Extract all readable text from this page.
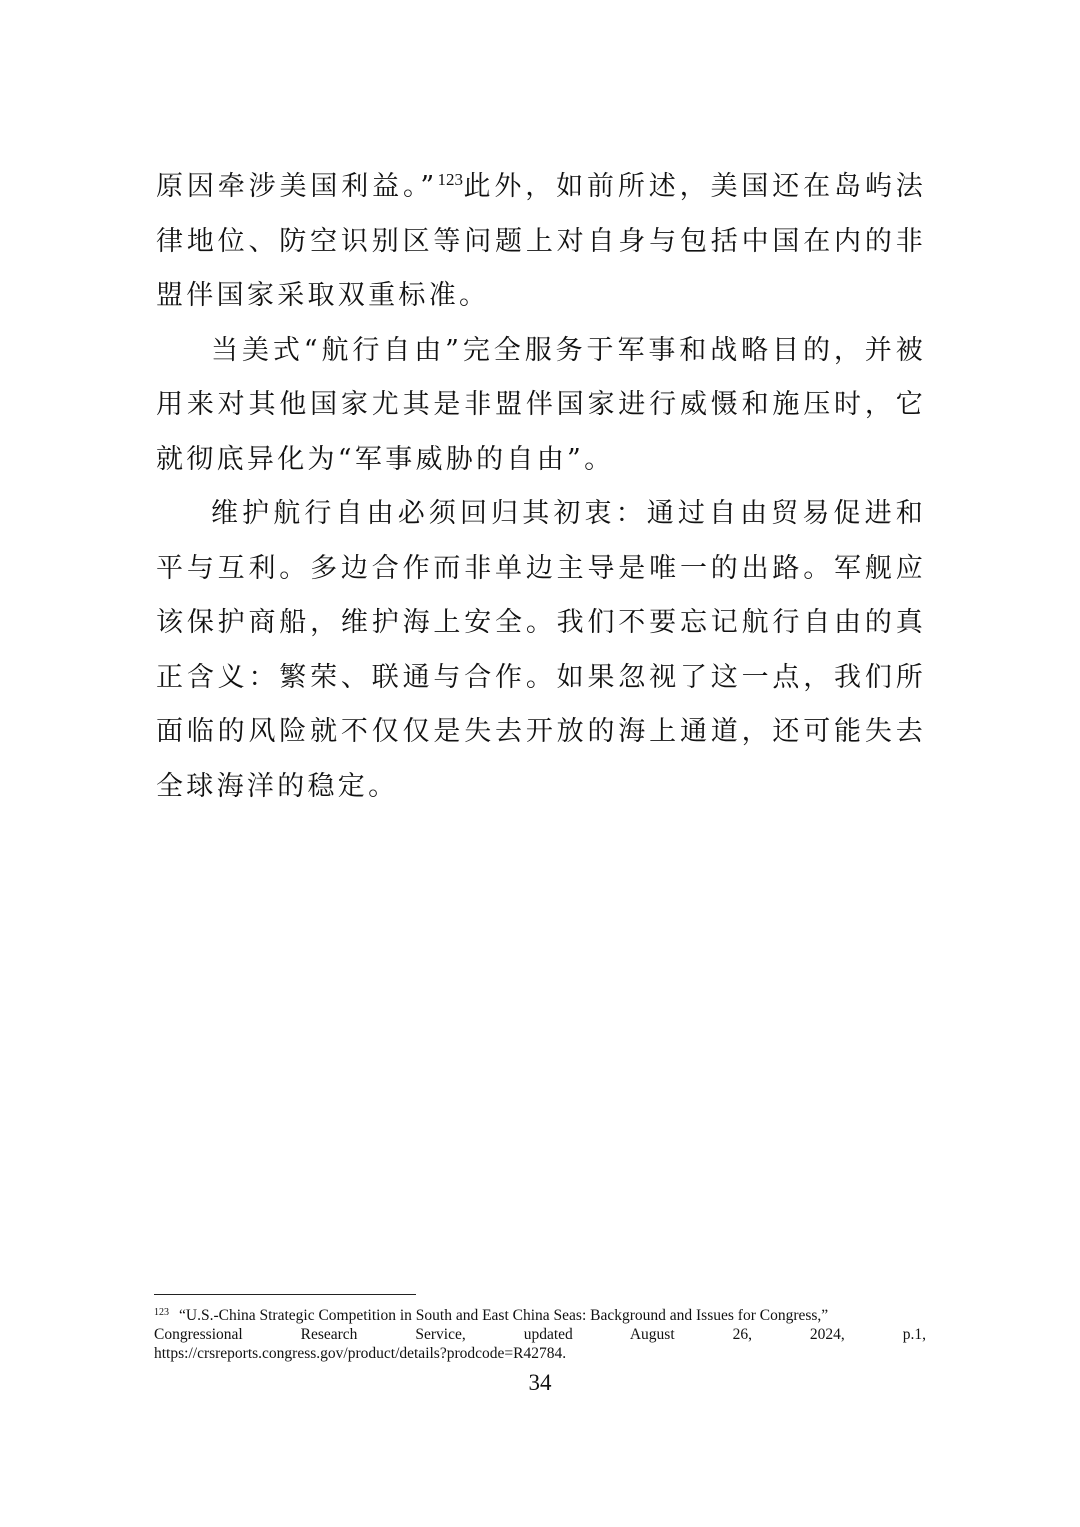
原因牵涉美国利益。”$^{123}$此外，如前所述，美国还在岛屿法律地位、防空识别区等问题上对自身与包括中国在内的非盟伴国家采取双重标准。

当美式“航行自由”完全服务于军事和战略目的，并被用来对其他国家尤其是非盟伴国家进行威慑和施压时，它就彻底异化为“军事威胁的自由”。

维护航行自由必须回归其初衷：通过自由贸易促进和平与互利。多边合作而非单边主导是唯一的出路。军舰应该保护商船，维护海上安全。我们不要忘记航行自由的真正含义：繁荣、联通与合作。如果忽视了这一点，我们所面临的风险就不仅仅是失去开放的海上通道，还可能失去全球海洋的稳定。

$^{123}$ “U.S.-China Strategic Competition in South and East China Seas: Background and Issues for Congress,”
Congressional Research Service, updated August 26, 2024, p.1,
https://crsreports.congress.gov/product/details?prodcode=R42784.
34
